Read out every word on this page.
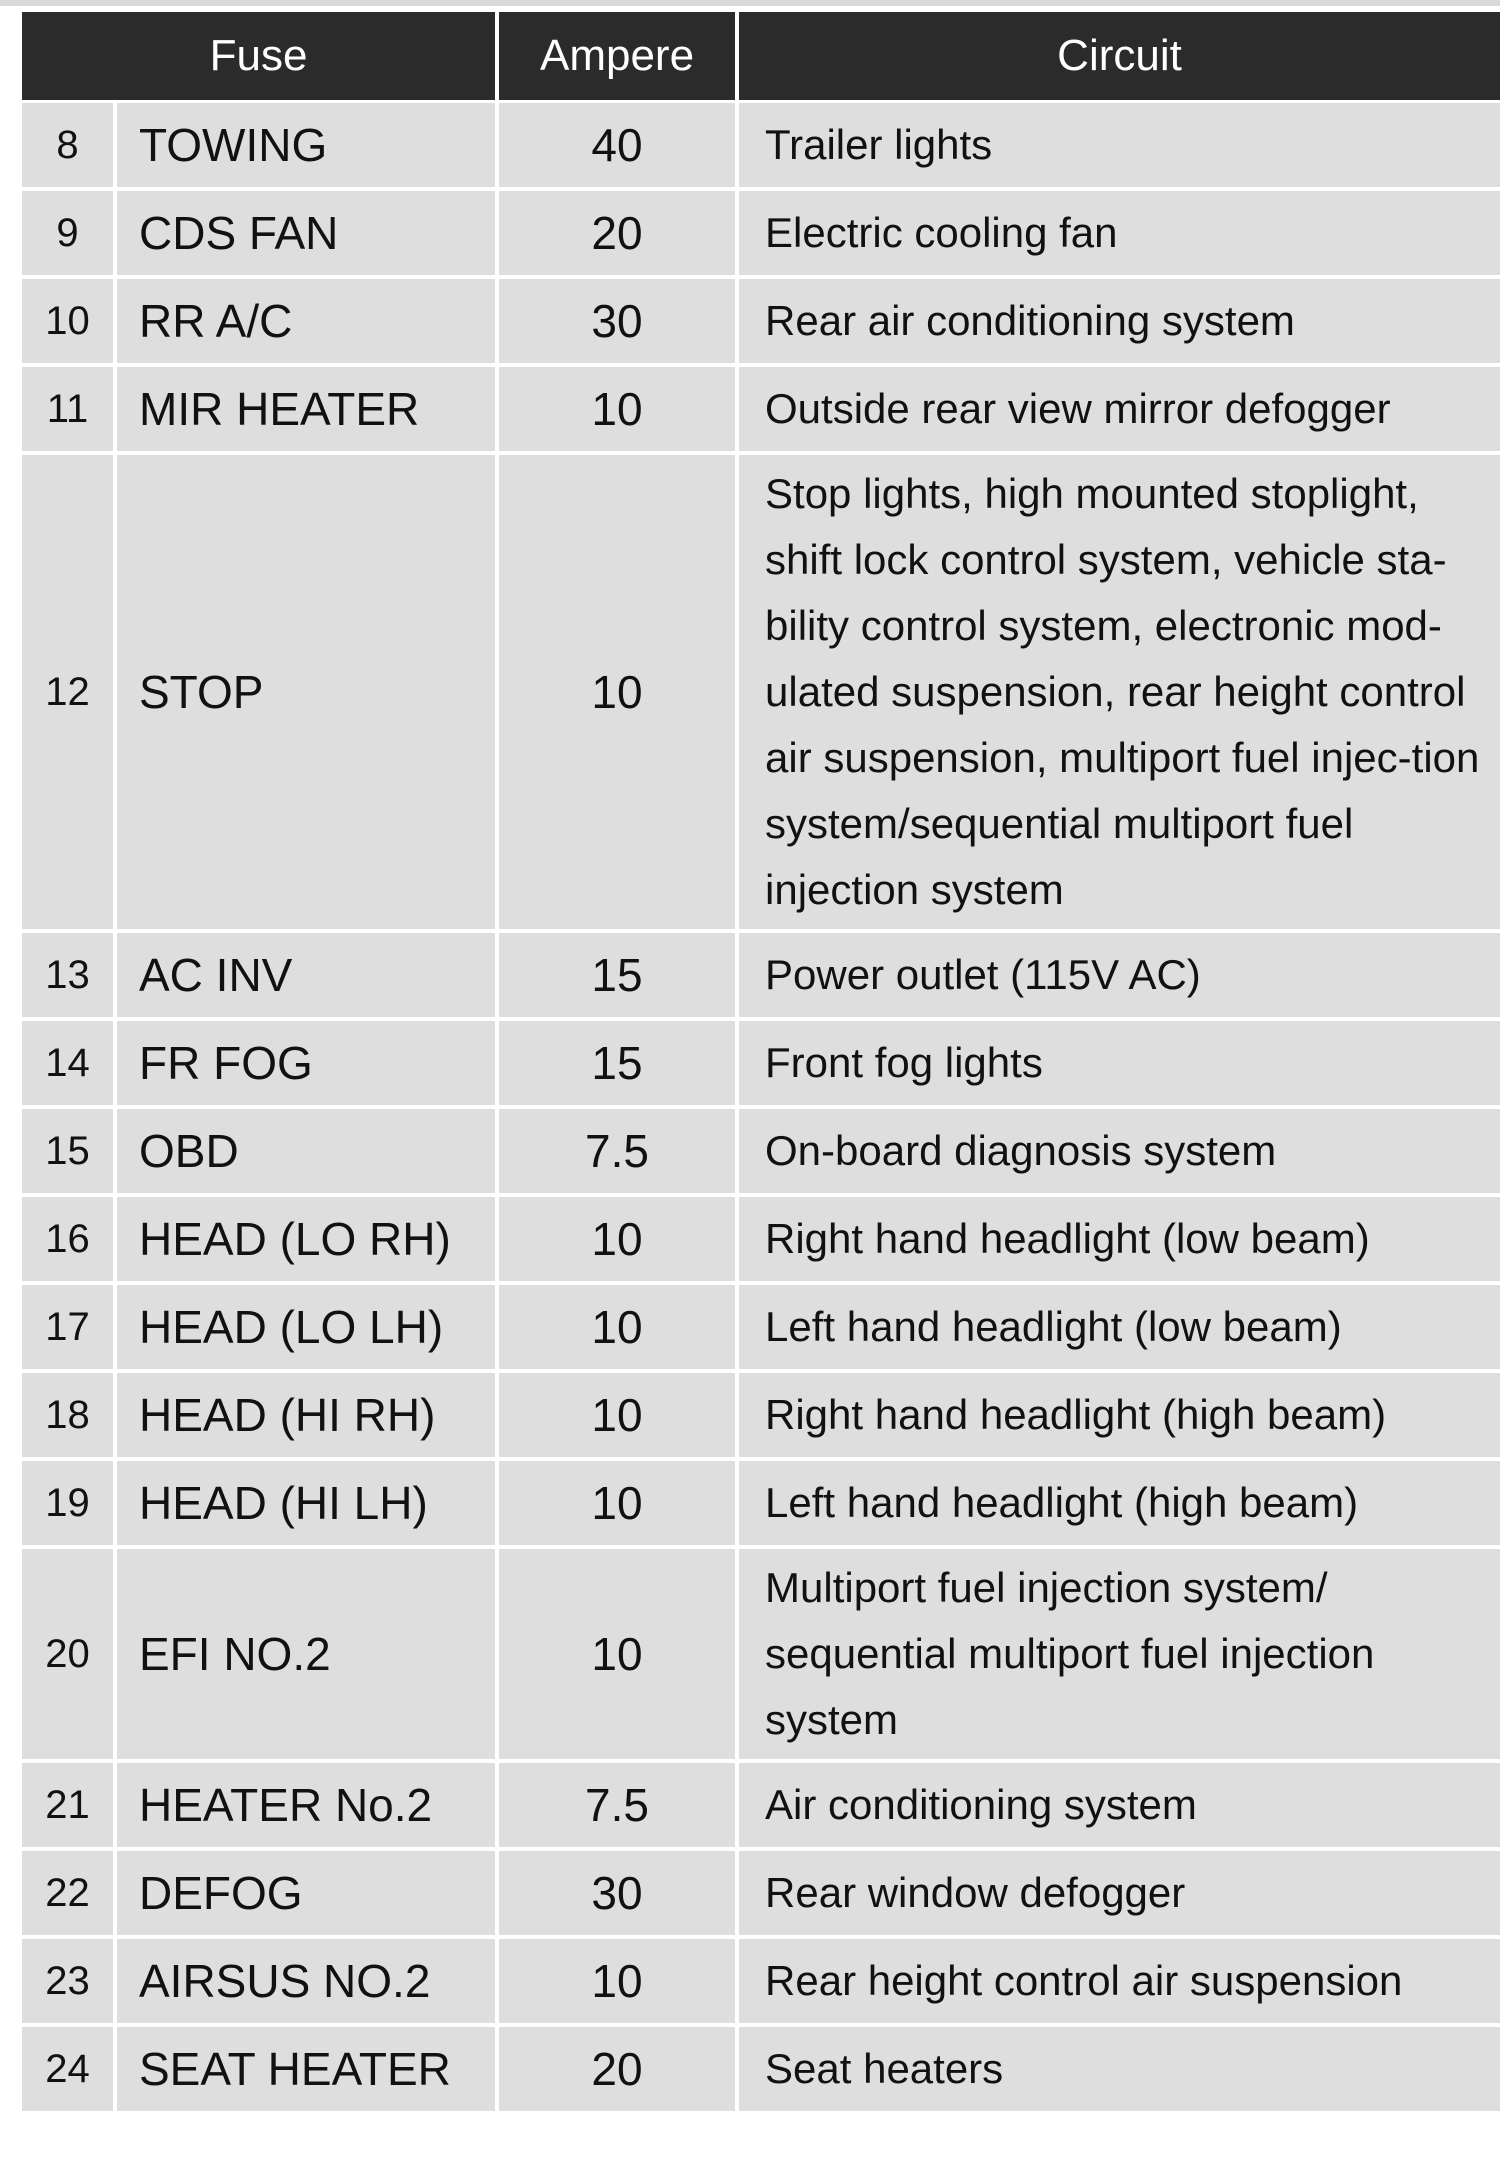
Fuse		Ampere	Circuit
8	TOWING	40	Trailer lights
9	CDS FAN	20	Electric cooling fan
10	RR A/C	30	Rear air conditioning system
11	MIR HEATER	10	Outside rear view mirror defogger
12	STOP	10	Stop lights, high mounted stoplight, shift lock control system, vehicle sta-bility control system, electronic mod-ulated suspension, rear height control air suspension, multiport fuel injec-tion system/sequential multiport fuel injection system
13	AC INV	15	Power outlet (115V AC)
14	FR FOG	15	Front fog lights
15	OBD	7.5	On-board diagnosis system
16	HEAD (LO RH)	10	Right hand headlight (low beam)
17	HEAD (LO LH)	10	Left hand headlight (low beam)
18	HEAD (HI RH)	10	Right hand headlight (high beam)
19	HEAD (HI LH)	10	Left hand headlight (high beam)
20	EFI NO.2	10	Multiport fuel injection system/ sequential multiport fuel injection system
21	HEATER No.2	7.5	Air conditioning system
22	DEFOG	30	Rear window defogger
23	AIRSUS NO.2	10	Rear height control air suspension
24	SEAT HEATER	20	Seat heaters
